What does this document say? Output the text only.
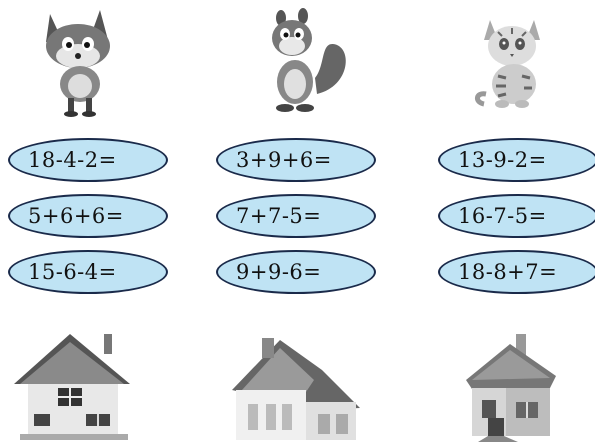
18-4-2=	3+9+6=	13-9-2=
5+6+6=	7+7-5=	16-7-5=
15-6-4=	9+9-6=	18-8+7=
